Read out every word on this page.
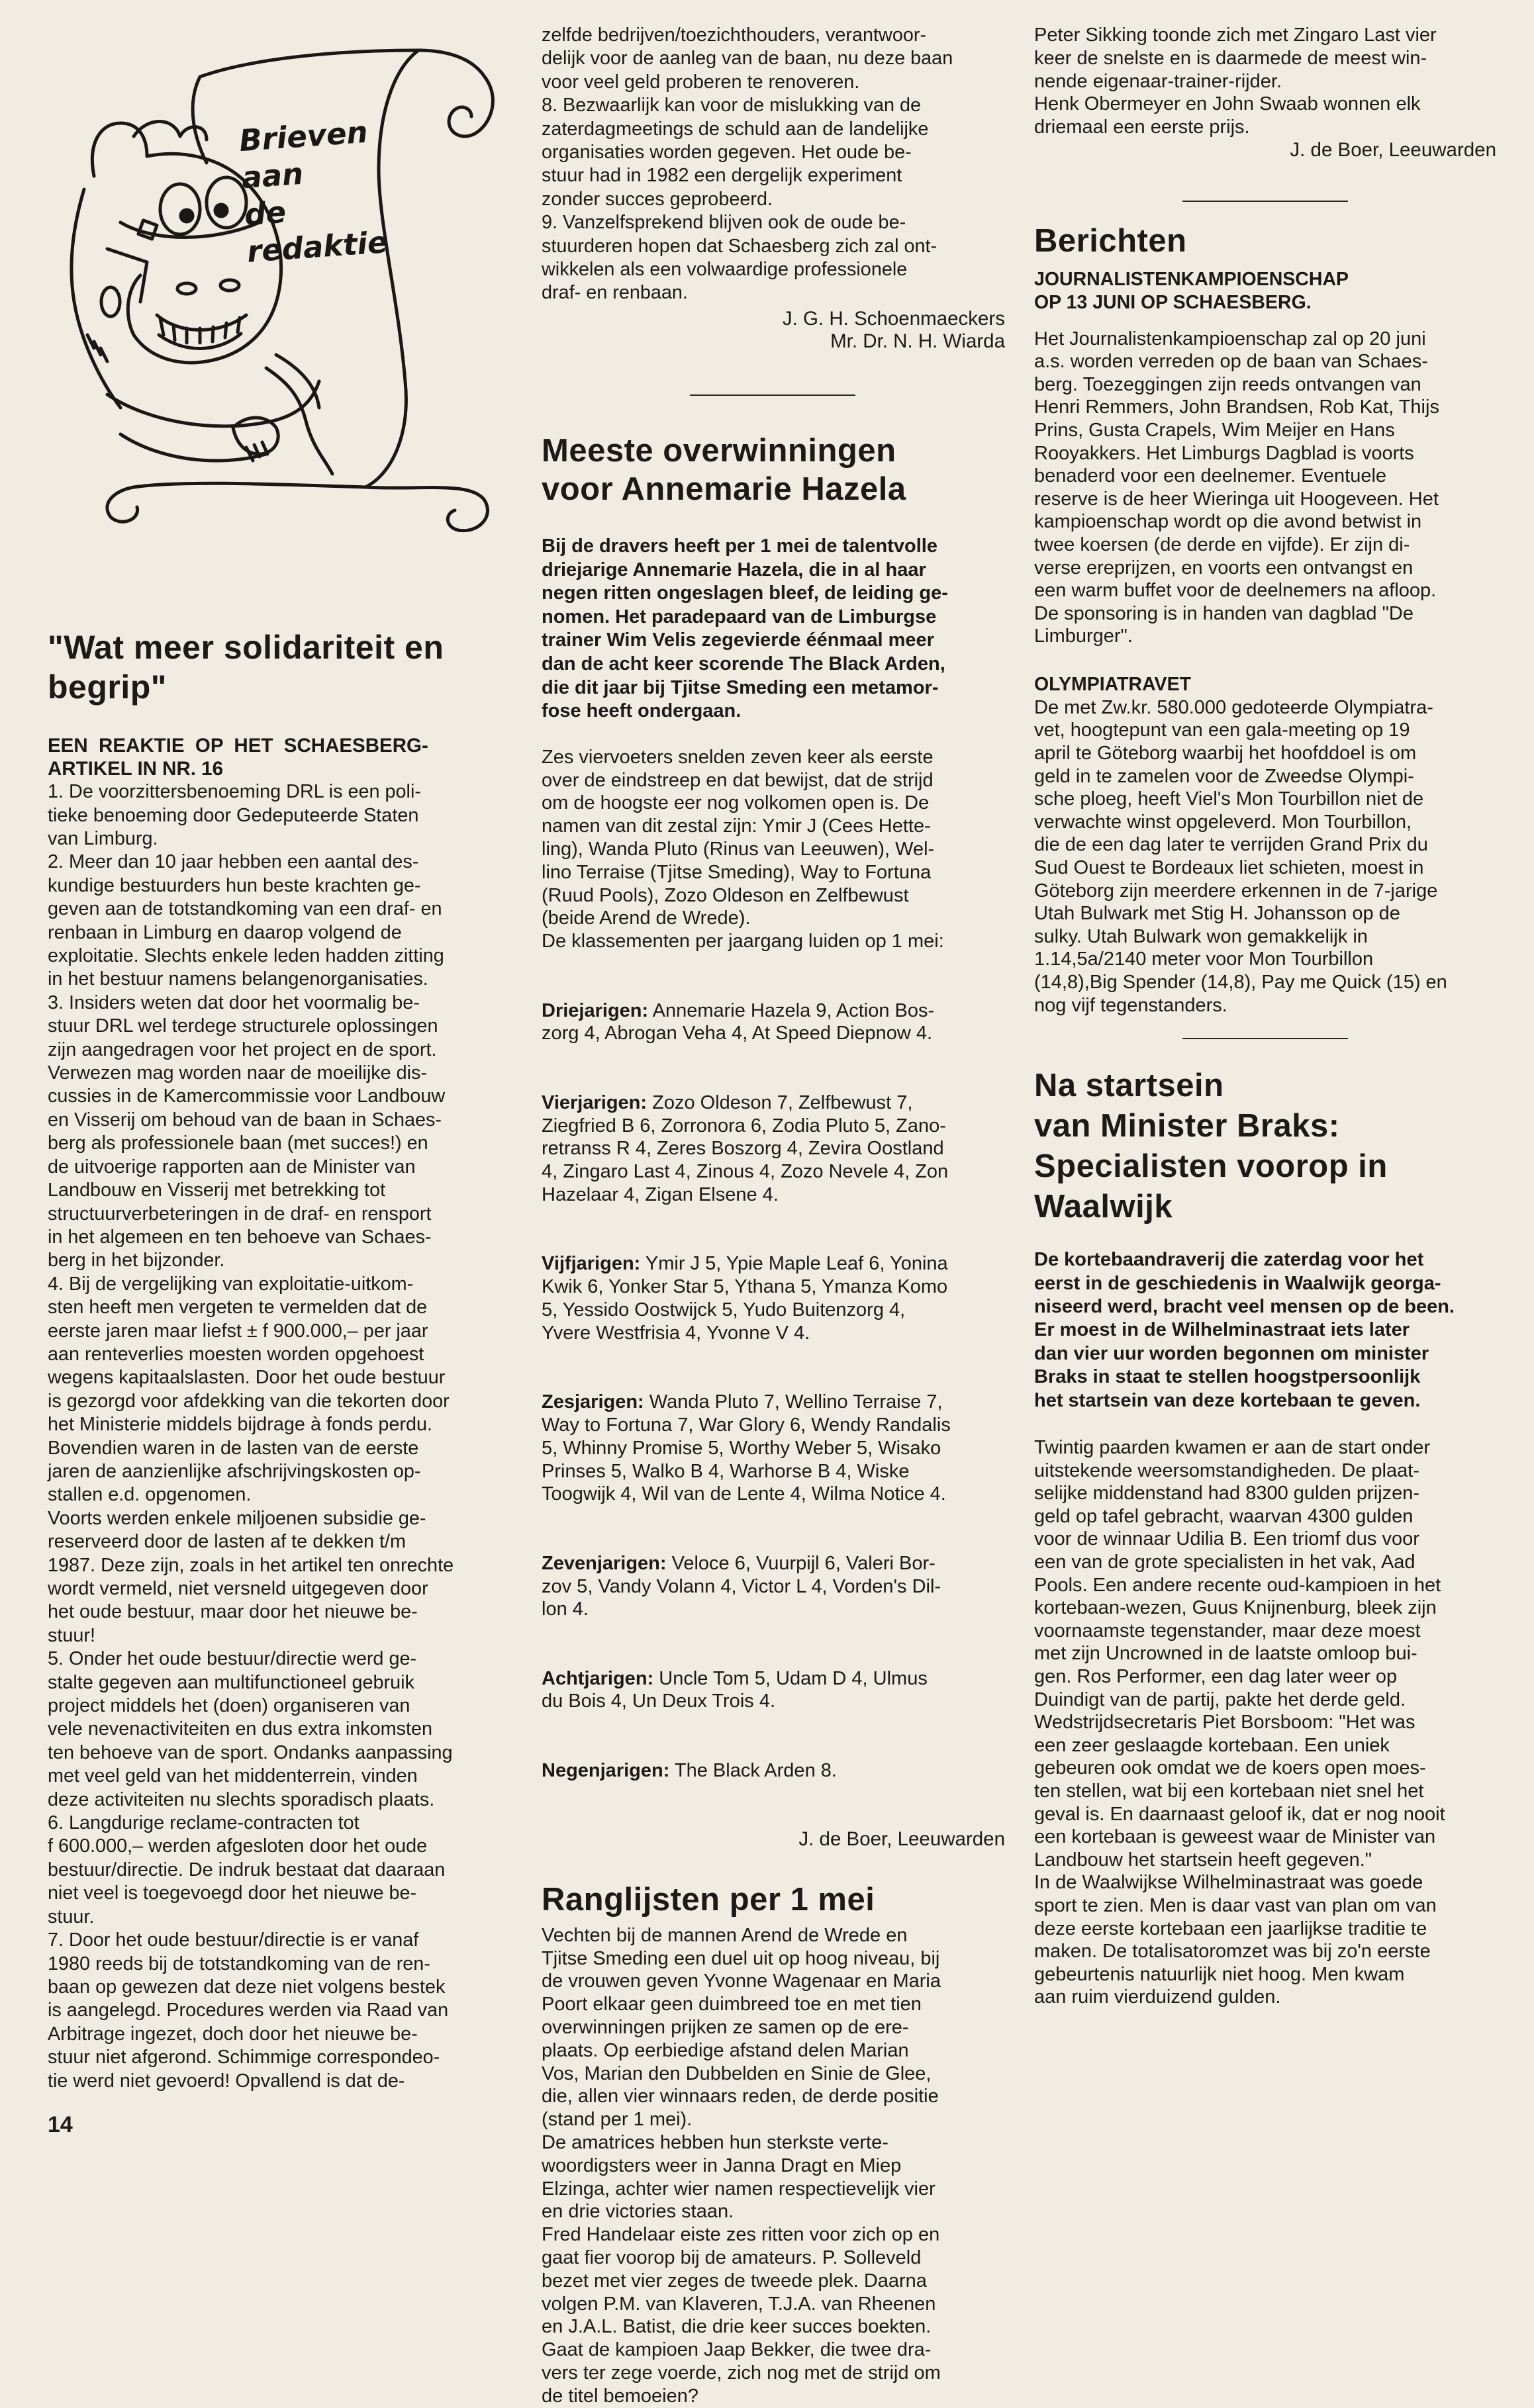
Brieven aan
de redaktie
"Wat meer solidariteit en
begrip"

EEN  REAKTIE  OP  HET  SCHAESBERG-

ARTIKEL IN NR. 16

1. De voorzittersbenoeming DRL is een poli-
tieke benoeming door Gedeputeerde Staten
van Limburg.
2. Meer dan 10 jaar hebben een aantal des-
kundige bestuurders hun beste krachten ge-
geven aan de totstandkoming van een draf- en
renbaan in Limburg en daarop volgend de
exploitatie. Slechts enkele leden hadden zitting
in het bestuur namens belangenorganisaties.
3. Insiders weten dat door het voormalig be-
stuur DRL wel terdege structurele oplossingen
zijn aangedragen voor het project en de sport.
Verwezen mag worden naar de moeilijke dis-
cussies in de Kamercommissie voor Landbouw
en Visserij om behoud van de baan in Schaes-
berg als professionele baan (met succes!) en
de uitvoerige rapporten aan de Minister van
Landbouw en Visserij met betrekking tot
structuurverbeteringen in de draf- en rensport
in het algemeen en ten behoeve van Schaes-
berg in het bijzonder.
4. Bij de vergelijking van exploitatie-uitkom-
sten heeft men vergeten te vermelden dat de
eerste jaren maar liefst ± f 900.000,– per jaar
aan renteverlies moesten worden opgehoest
wegens kapitaalslasten. Door het oude bestuur
is gezorgd voor afdekking van die tekorten door
het Ministerie middels bijdrage à fonds perdu.
Bovendien waren in de lasten van de eerste
jaren de aanzienlijke afschrijvingskosten op-
stallen e.d. opgenomen.
Voorts werden enkele miljoenen subsidie ge-
reserveerd door de lasten af te dekken t/m
1987. Deze zijn, zoals in het artikel ten onrechte
wordt vermeld, niet versneld uitgegeven door
het oude bestuur, maar door het nieuwe be-
stuur!
5. Onder het oude bestuur/directie werd ge-
stalte gegeven aan multifunctioneel gebruik
project middels het (doen) organiseren van
vele nevenactiviteiten en dus extra inkomsten
ten behoeve van de sport. Ondanks aanpassing
met veel geld van het middenterrein, vinden
deze activiteiten nu slechts sporadisch plaats.
6. Langdurige reclame-contracten tot
f 600.000,– werden afgesloten door het oude
bestuur/directie. De indruk bestaat dat daaraan
niet veel is toegevoegd door het nieuwe be-
stuur.
7. Door het oude bestuur/directie is er vanaf
1980 reeds bij de totstandkoming van de ren-
baan op gewezen dat deze niet volgens bestek
is aangelegd. Procedures werden via Raad van
Arbitrage ingezet, doch door het nieuwe be-
stuur niet afgerond. Schimmige correspondeo-
tie werd niet gevoerd! Opvallend is dat de-

zelfde bedrijven/toezichthouders, verantwoor-
delijk voor de aanleg van de baan, nu deze baan
voor veel geld proberen te renoveren.
8. Bezwaarlijk kan voor de mislukking van de
zaterdagmeetings de schuld aan de landelijke
organisaties worden gegeven. Het oude be-
stuur had in 1982 een dergelijk experiment
zonder succes geprobeerd.
9. Vanzelfsprekend blijven ook de oude be-
stuurderen hopen dat Schaesberg zich zal ont-
wikkelen als een volwaardige professionele
draf- en renbaan.

J. G. H. Schoenmaeckers

Mr. Dr. N. H. Wiarda

Meeste overwinningen
voor Annemarie Hazela

Bij de dravers heeft per 1 mei de talentvolle
driejarige Annemarie Hazela, die in al haar
negen ritten ongeslagen bleef, de leiding ge-
nomen. Het paradepaard van de Limburgse
trainer Wim Velis zegevierde éénmaal meer
dan de acht keer scorende The Black Arden,
die dit jaar bij Tjitse Smeding een metamor-
fose heeft ondergaan.

Zes viervoeters snelden zeven keer als eerste
over de eindstreep en dat bewijst, dat de strijd
om de hoogste eer nog volkomen open is. De
namen van dit zestal zijn: Ymir J (Cees Hette-
ling), Wanda Pluto (Rinus van Leeuwen), Wel-
lino Terraise (Tjitse Smeding), Way to Fortuna
(Ruud Pools), Zozo Oldeson en Zelfbewust
(beide Arend de Wrede).
De klassementen per jaargang luiden op 1 mei:

Driejarigen: Annemarie Hazela 9, Action Bos-
zorg 4, Abrogan Veha 4, At Speed Diepnow 4.

Vierjarigen: Zozo Oldeson 7, Zelfbewust 7,
Ziegfried B 6, Zorronora 6, Zodia Pluto 5, Zano-
retranss R 4, Zeres Boszorg 4, Zevira Oostland
4, Zingaro Last 4, Zinous 4, Zozo Nevele 4, Zon
Hazelaar 4, Zigan Elsene 4.

Vijfjarigen: Ymir J 5, Ypie Maple Leaf 6, Yonina
Kwik 6, Yonker Star 5, Ythana 5, Ymanza Komo
5, Yessido Oostwijck 5, Yudo Buitenzorg 4,
Yvere Westfrisia 4, Yvonne V 4.

Zesjarigen: Wanda Pluto 7, Wellino Terraise 7,
Way to Fortuna 7, War Glory 6, Wendy Randalis
5, Whinny Promise 5, Worthy Weber 5, Wisako
Prinses 5, Walko B 4, Warhorse B 4, Wiske
Toogwijk 4, Wil van de Lente 4, Wilma Notice 4.

Zevenjarigen: Veloce 6, Vuurpijl 6, Valeri Bor-
zov 5, Vandy Volann 4, Victor L 4, Vorden's Dil-
lon 4.

Achtjarigen: Uncle Tom 5, Udam D 4, Ulmus
du Bois 4, Un Deux Trois 4.

Negenjarigen: The Black Arden 8.

J. de Boer, Leeuwarden

Ranglijsten per 1 mei

Vechten bij de mannen Arend de Wrede en
Tjitse Smeding een duel uit op hoog niveau, bij
de vrouwen geven Yvonne Wagenaar en Maria
Poort elkaar geen duimbreed toe en met tien
overwinningen prijken ze samen op de ere-
plaats. Op eerbiedige afstand delen Marian
Vos, Marian den Dubbelden en Sinie de Glee,
die, allen vier winnaars reden, de derde positie
(stand per 1 mei).
De amatrices hebben hun sterkste verte-
woordigsters weer in Janna Dragt en Miep
Elzinga, achter wier namen respectievelijk vier
en drie victories staan.
Fred Handelaar eiste zes ritten voor zich op en
gaat fier voorop bij de amateurs. P. Solleveld
bezet met vier zeges de tweede plek. Daarna
volgen P.M. van Klaveren, T.J.A. van Rheenen
en J.A.L. Batist, die drie keer succes boekten.
Gaat de kampioen Jaap Bekker, die twee dra-
vers ter zege voerde, zich nog met de strijd om
de titel bemoeien?

Peter Sikking toonde zich met Zingaro Last vier
keer de snelste en is daarmede de meest win-
nende eigenaar-trainer-rijder.
Henk Obermeyer en John Swaab wonnen elk
driemaal een eerste prijs.

J. de Boer, Leeuwarden

Berichten

JOURNALISTENKAMPIOENSCHAP
OP 13 JUNI OP SCHAESBERG.

Het Journalistenkampioenschap zal op 20 juni
a.s. worden verreden op de baan van Schaes-
berg. Toezeggingen zijn reeds ontvangen van
Henri Remmers, John Brandsen, Rob Kat, Thijs
Prins, Gusta Crapels, Wim Meijer en Hans
Rooyakkers. Het Limburgs Dagblad is voorts
benaderd voor een deelnemer. Eventuele
reserve is de heer Wieringa uit Hoogeveen. Het
kampioenschap wordt op die avond betwist in
twee koersen (de derde en vijfde). Er zijn di-
verse ereprijzen, en voorts een ontvangst en
een warm buffet voor de deelnemers na afloop.
De sponsoring is in handen van dagblad "De
Limburger".

OLYMPIATRAVET

De met Zw.kr. 580.000 gedoteerde Olympiatra-
vet, hoogtepunt van een gala-meeting op 19
april te Göteborg waarbij het hoofddoel is om
geld in te zamelen voor de Zweedse Olympi-
sche ploeg, heeft Viel's Mon Tourbillon niet de
verwachte winst opgeleverd. Mon Tourbillon,
die de een dag later te verrijden Grand Prix du
Sud Ouest te Bordeaux liet schieten, moest in
Göteborg zijn meerdere erkennen in de 7-jarige
Utah Bulwark met Stig H. Johansson op de
sulky. Utah Bulwark won gemakkelijk in
1.14,5a/2140 meter voor Mon Tourbillon
(14,8),Big Spender (14,8), Pay me Quick (15) en
nog vijf tegenstanders.

Na startsein
van Minister Braks:
Specialisten voorop in
Waalwijk

De kortebaandraverij die zaterdag voor het
eerst in de geschiedenis in Waalwijk georga-
niseerd werd, bracht veel mensen op de been.
Er moest in de Wilhelminastraat iets later
dan vier uur worden begonnen om minister
Braks in staat te stellen hoogstpersoonlijk
het startsein van deze kortebaan te geven.

Twintig paarden kwamen er aan de start onder
uitstekende weersomstandigheden. De plaat-
selijke middenstand had 8300 gulden prijzen-
geld op tafel gebracht, waarvan 4300 gulden
voor de winnaar Udilia B. Een triomf dus voor
een van de grote specialisten in het vak, Aad
Pools. Een andere recente oud-kampioen in het
kortebaan-wezen, Guus Knijnenburg, bleek zijn
voornaamste tegenstander, maar deze moest
met zijn Uncrowned in de laatste omloop bui-
gen. Ros Performer, een dag later weer op
Duindigt van de partij, pakte het derde geld.
Wedstrijdsecretaris Piet Borsboom: "Het was
een zeer geslaagde kortebaan. Een uniek
gebeuren ook omdat we de koers open moes-
ten stellen, wat bij een kortebaan niet snel het
geval is. En daarnaast geloof ik, dat er nog nooit
een kortebaan is geweest waar de Minister van
Landbouw het startsein heeft gegeven."
In de Waalwijkse Wilhelminastraat was goede
sport te zien. Men is daar vast van plan om van
deze eerste kortebaan een jaarlijkse traditie te
maken. De totalisatoromzet was bij zo'n eerste
gebeurtenis natuurlijk niet hoog. Men kwam
aan ruim vierduizend gulden.

14
